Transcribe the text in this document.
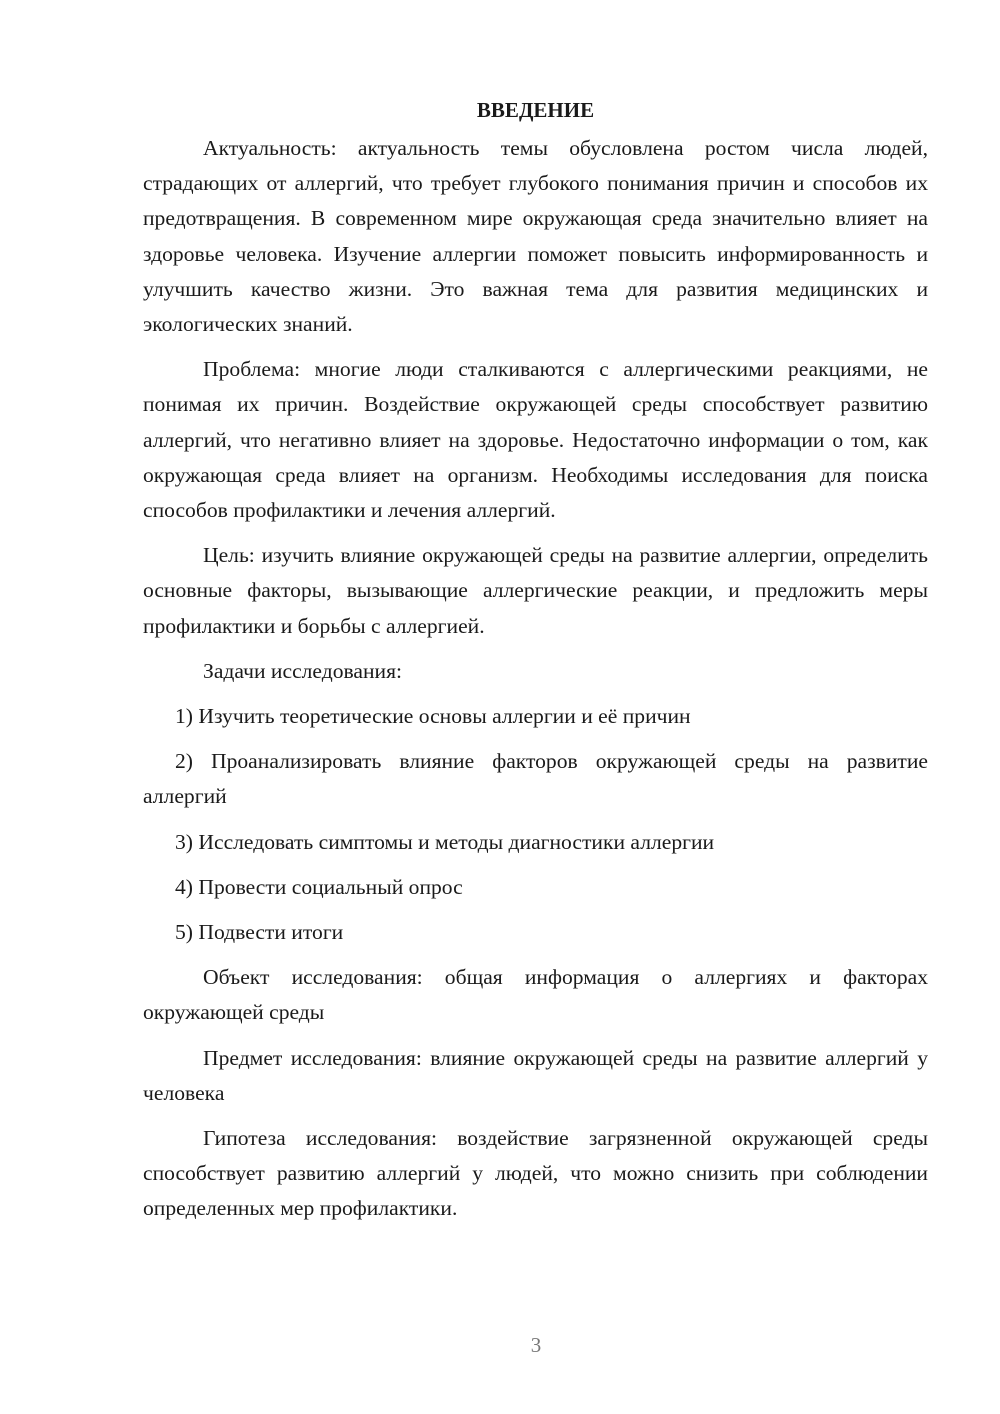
ВВЕДЕНИЕ

Актуальность: актуальность темы обусловлена ростом числа людей, страдающих от аллергий, что требует глубокого понимания причин и способов их предотвращения. В современном мире окружающая среда значительно влияет на здоровье человека. Изучение аллергии поможет повысить информированность и улучшить качество жизни. Это важная тема для развития медицинских и экологических знаний.

Проблема: многие люди сталкиваются с аллергическими реакциями, не понимая их причин. Воздействие окружающей среды способствует развитию аллергий, что негативно влияет на здоровье. Недостаточно информации о том, как окружающая среда влияет на организм. Необходимы исследования для поиска способов профилактики и лечения аллергий.

Цель: изучить влияние окружающей среды на развитие аллергии, определить основные факторы, вызывающие аллергические реакции, и предложить меры профилактики и борьбы с аллергией.

Задачи исследования:

1) Изучить теоретические основы аллергии и её причин

2) Проанализировать влияние факторов окружающей среды на развитие аллергий

3) Исследовать симптомы и методы диагностики аллергии

4) Провести социальный опрос

5) Подвести итоги

Объект исследования: общая информация о аллергиях и факторах окружающей среды

Предмет исследования: влияние окружающей среды на развитие аллергий у человека

Гипотеза исследования: воздействие загрязненной окружающей среды способствует развитию аллергий у людей, что можно снизить при соблюдении определенных мер профилактики.

3
